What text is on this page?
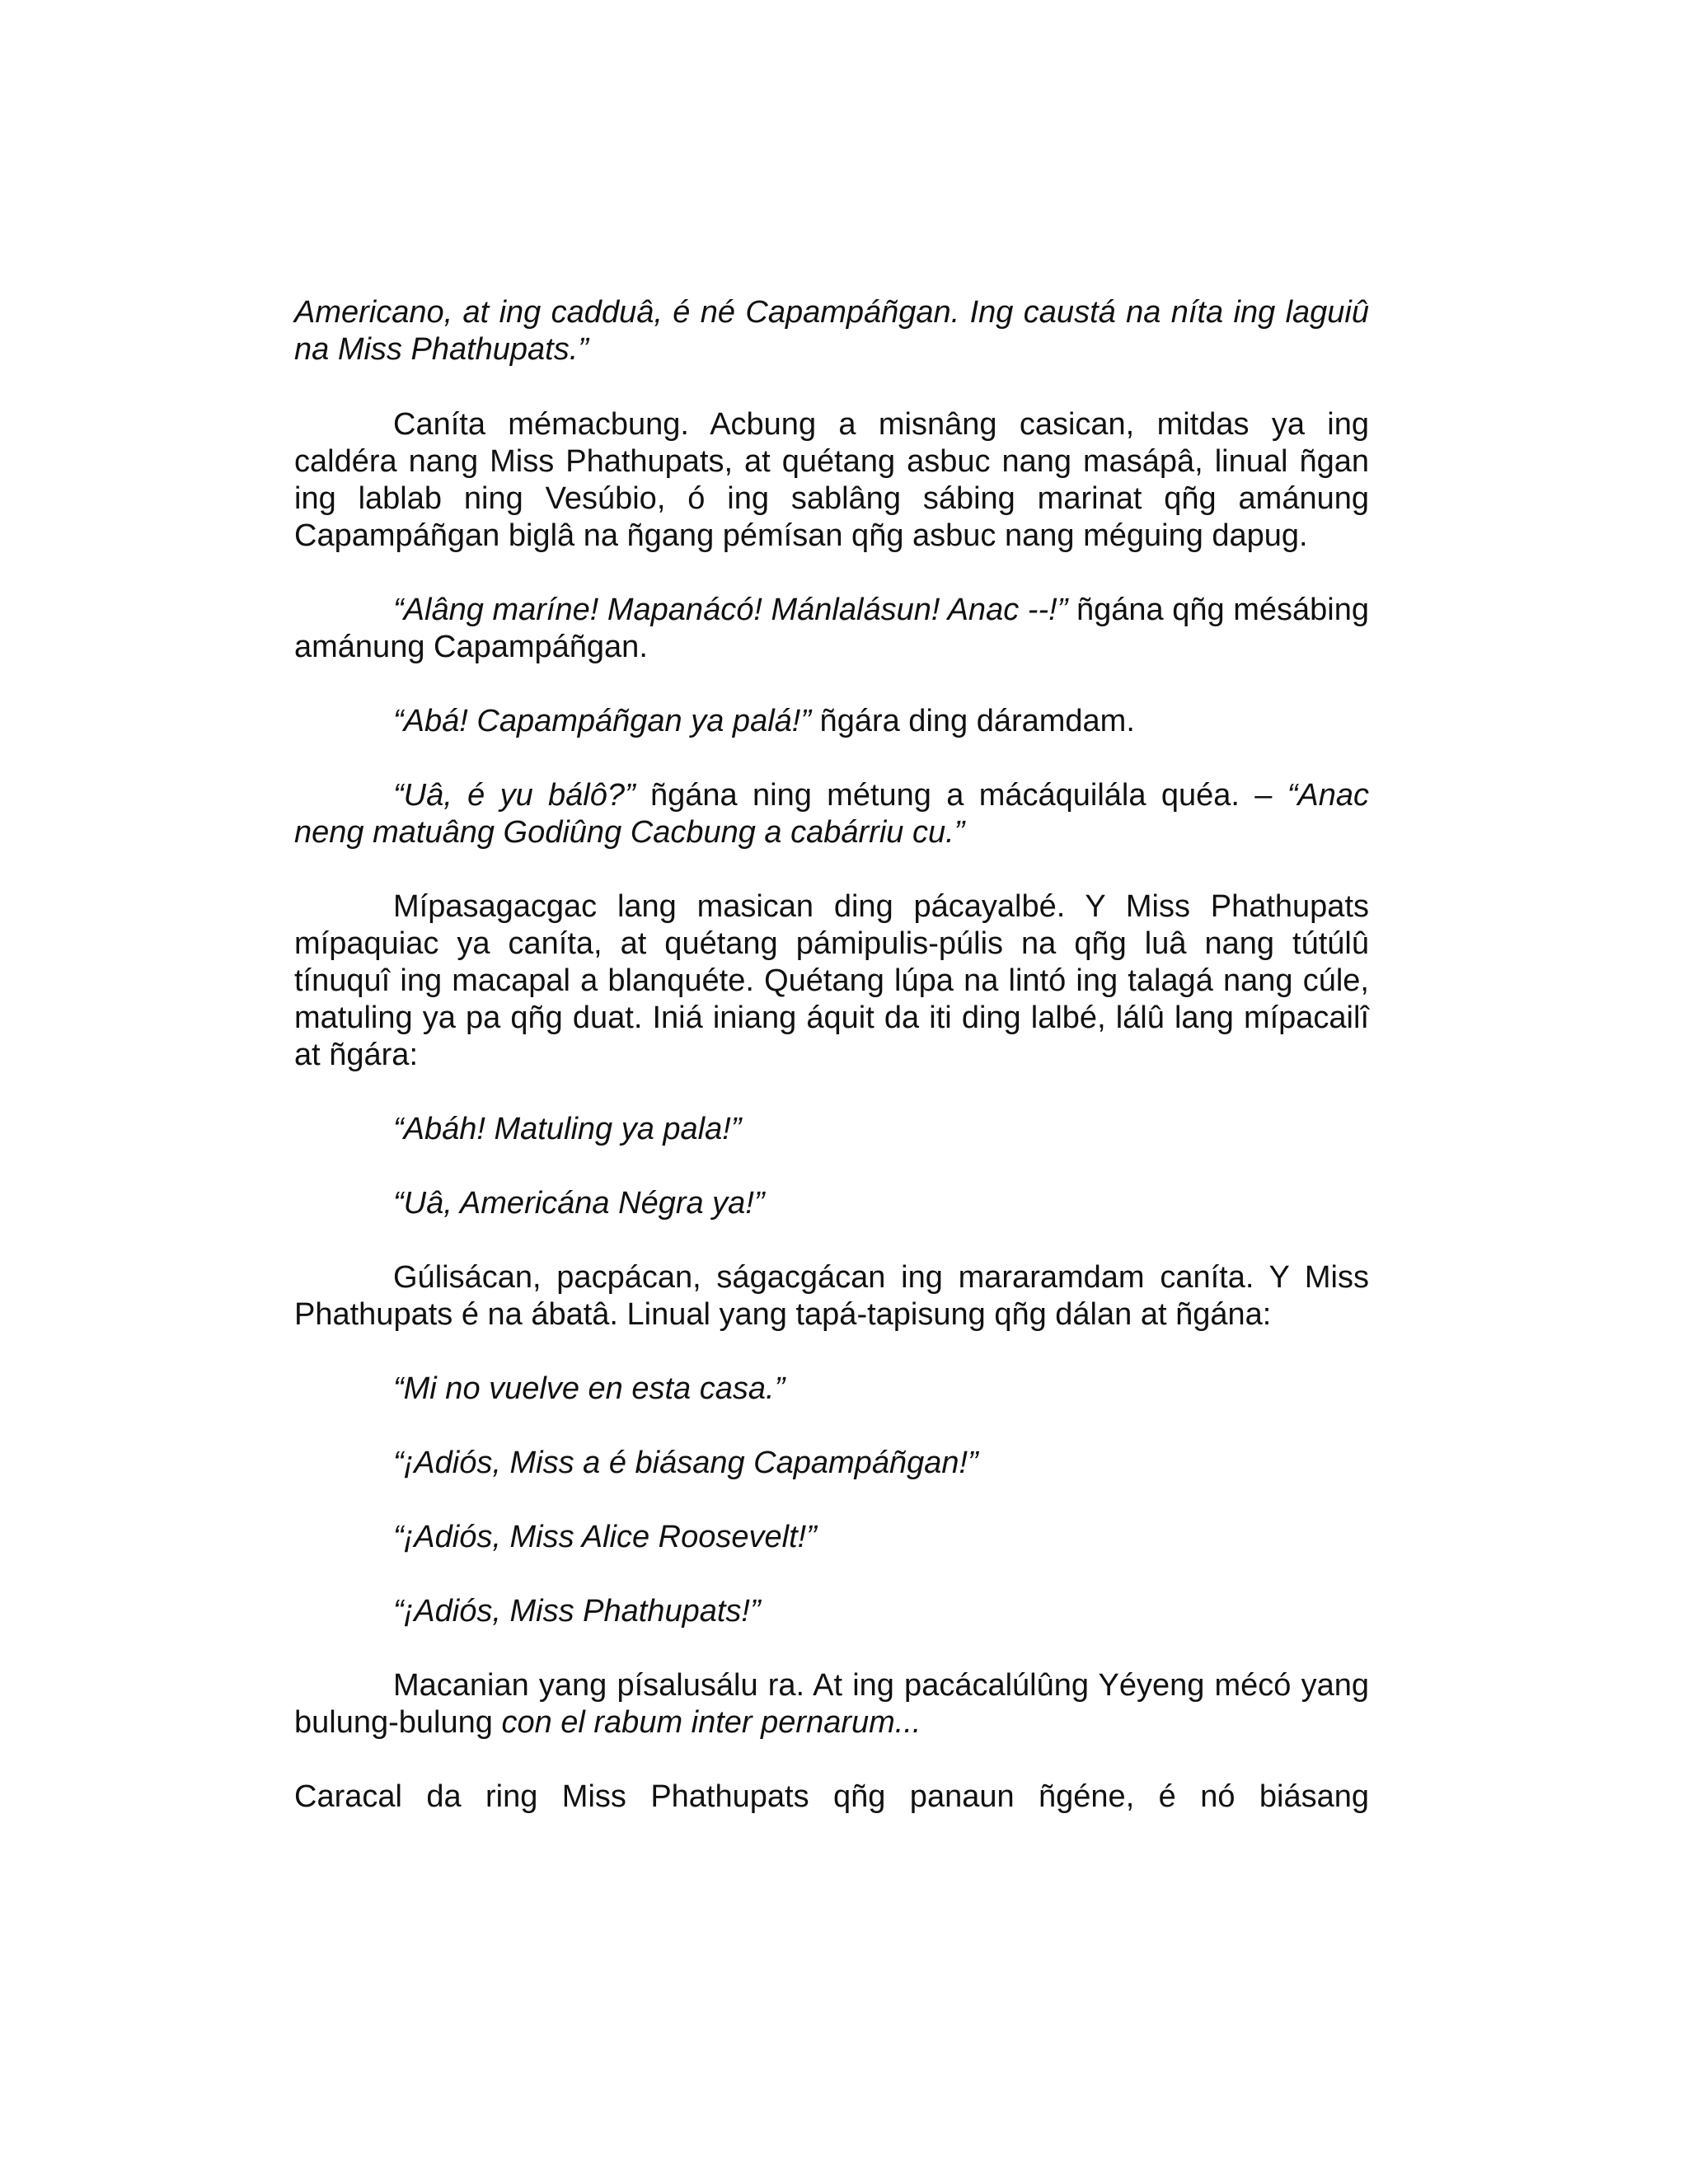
Americano, at ing cadduâ, é né Capampáñgan. Ing caustá na níta ing laguiû na Miss Phathupats.”

Caníta mémacbung. Acbung a misnâng casican, mitdas ya ing caldéra nang Miss Phathupats, at quétang asbuc nang masápâ, linual ñgan ing lablab ning Vesúbio, ó ing sablâng sábing marinat qñg amánung Capampáñgan biglâ na ñgang pémísan qñg asbuc nang méguing dapug.

“Alâng maríne! Mapanácó! Mánlalásun! Anac --!” ñgána qñg mésábing amánung Capampáñgan.

“Abá! Capampáñgan ya palá!” ñgára ding dáramdam.

“Uâ, é yu bálô?” ñgána ning métung a mácáquilála quéa. – “Anac neng matuâng Godiûng Cacbung a cabárriu cu.”

Mípasagacgac lang masican ding pácayalbé. Y Miss Phathupats mípaquiac ya caníta, at quétang pámipulis-púlis na qñg luâ nang tútúlû tínuquî ing macapal a blanquéte. Quétang lúpa na lintó ing talagá nang cúle, matuling ya pa qñg duat. Iniá iniang áquit da iti ding lalbé, lálû lang mípacailî at ñgára:

“Abáh! Matuling ya pala!”

“Uâ, Americána Négra ya!”

Gúlisácan, pacpácan, ságacgácan ing mararamdam caníta. Y Miss Phathupats é na ábatâ. Linual yang tapá-tapisung qñg dálan at ñgána:

“Mi no vuelve en esta casa.”

“¡Adiós, Miss a é biásang Capampáñgan!”

“¡Adiós, Miss Alice Roosevelt!”

“¡Adiós, Miss Phathupats!”

Macanian yang písalusálu ra. At ing pacácalúlûng Yéyeng mécó yang bulung-bulung con el rabum inter pernarum...

Caracal da ring Miss Phathupats qñg panaun ñgéne, é nó biásang
